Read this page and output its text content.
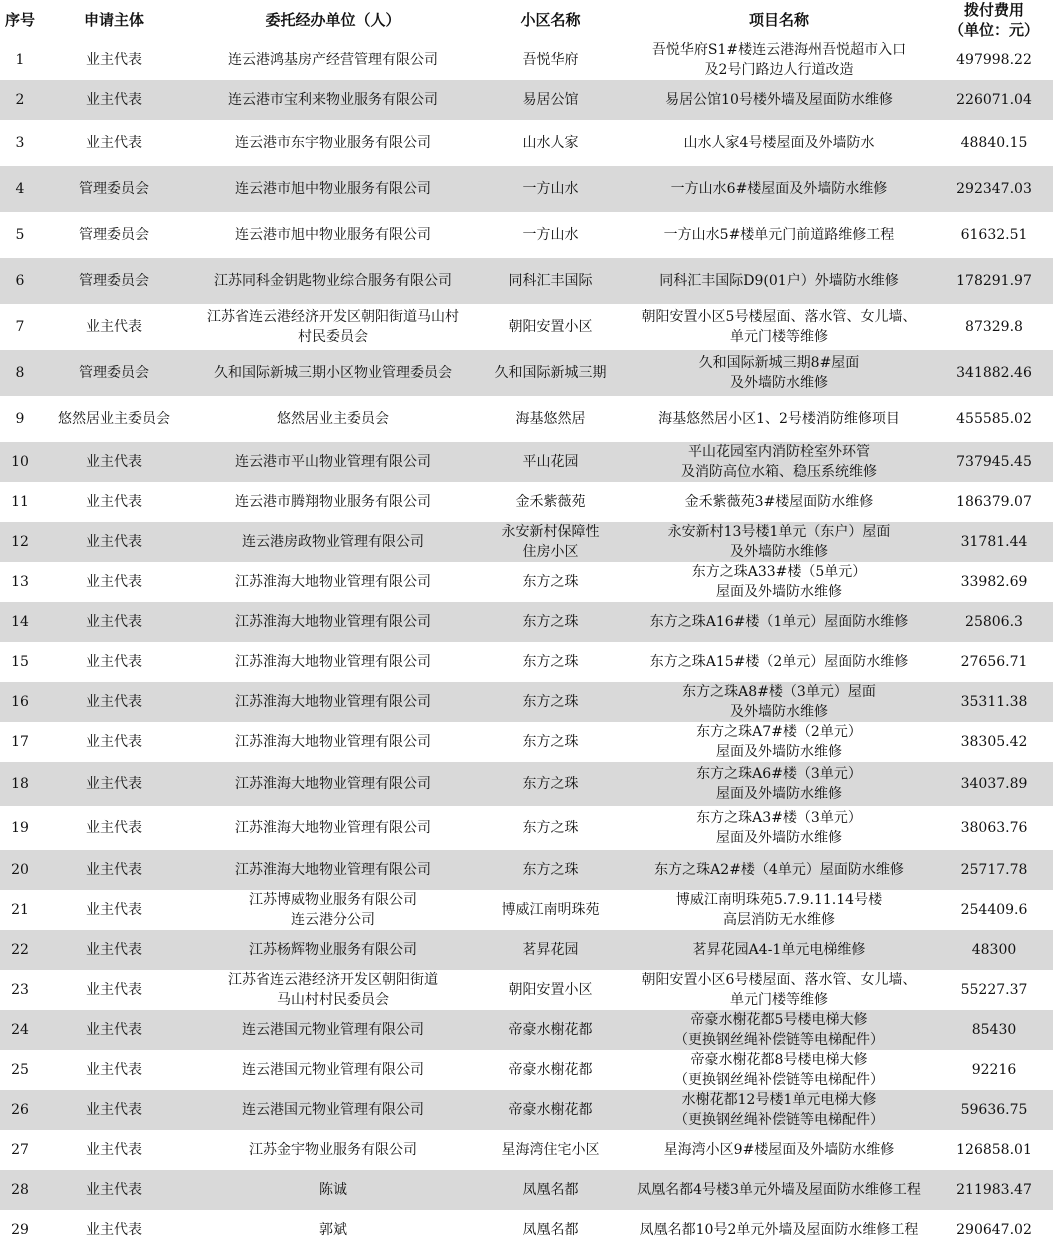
序号	申请主体	委托经办单位（人）	小区名称	项目名称	拨付费用
（单位：元）
1	业主代表	连云港鸿基房产经营管理有限公司	吾悦华府	吾悦华府S1#楼连云港海州吾悦超市入口
及2号门路边人行道改造	497998.22
2	业主代表	连云港市宝利来物业服务有限公司	易居公馆	易居公馆10号楼外墙及屋面防水维修	226071.04
3	业主代表	连云港市东宇物业服务有限公司	山水人家	山水人家4号楼屋面及外墙防水	48840.15
4	管理委员会	连云港市旭中物业服务有限公司	一方山水	一方山水6#楼屋面及外墙防水维修	292347.03
5	管理委员会	连云港市旭中物业服务有限公司	一方山水	一方山水5#楼单元门前道路维修工程	61632.51
6	管理委员会	江苏同科金钥匙物业综合服务有限公司	同科汇丰国际	同科汇丰国际D9(01户）外墙防水维修	178291.97
7	业主代表	江苏省连云港经济开发区朝阳街道马山村
村民委员会	朝阳安置小区	朝阳安置小区5号楼屋面、落水管、女儿墙、
单元门楼等维修	87329.8
8	管理委员会	久和国际新城三期小区物业管理委员会	久和国际新城三期	久和国际新城三期8#屋面
及外墙防水维修	341882.46
9	悠然居业主委员会	悠然居业主委员会	海基悠然居	海基悠然居小区1、2号楼消防维修项目	455585.02
10	业主代表	连云港市平山物业管理有限公司	平山花园	平山花园室内消防栓室外环管
及消防高位水箱、稳压系统维修	737945.45
11	业主代表	连云港市腾翔物业服务有限公司	金禾紫薇苑	金禾紫薇苑3#楼屋面防水维修	186379.07
12	业主代表	连云港房政物业管理有限公司	永安新村保障性
住房小区	永安新村13号楼1单元（东户）屋面
及外墙防水维修	31781.44
13	业主代表	江苏淮海大地物业管理有限公司	东方之珠	东方之珠A33#楼（5单元）
屋面及外墙防水维修	33982.69
14	业主代表	江苏淮海大地物业管理有限公司	东方之珠	东方之珠A16#楼（1单元）屋面防水维修	25806.3
15	业主代表	江苏淮海大地物业管理有限公司	东方之珠	东方之珠A15#楼（2单元）屋面防水维修	27656.71
16	业主代表	江苏淮海大地物业管理有限公司	东方之珠	东方之珠A8#楼（3单元）屋面
及外墙防水维修	35311.38
17	业主代表	江苏淮海大地物业管理有限公司	东方之珠	东方之珠A7#楼（2单元）
屋面及外墙防水维修	38305.42
18	业主代表	江苏淮海大地物业管理有限公司	东方之珠	东方之珠A6#楼（3单元）
屋面及外墙防水维修	34037.89
19	业主代表	江苏淮海大地物业管理有限公司	东方之珠	东方之珠A3#楼（3单元）
屋面及外墙防水维修	38063.76
20	业主代表	江苏淮海大地物业管理有限公司	东方之珠	东方之珠A2#楼（4单元）屋面防水维修	25717.78
21	业主代表	江苏博威物业服务有限公司
连云港分公司	博威江南明珠苑	博威江南明珠苑5.7.9.11.14号楼
高层消防无水维修	254409.6
22	业主代表	江苏杨辉物业服务有限公司	茗昇花园	茗昇花园A4-1单元电梯维修	48300
23	业主代表	江苏省连云港经济开发区朝阳街道
马山村村民委员会	朝阳安置小区	朝阳安置小区6号楼屋面、落水管、女儿墙、
单元门楼等维修	55227.37
24	业主代表	连云港国元物业管理有限公司	帝豪水榭花都	帝豪水榭花都5号楼电梯大修
（更换钢丝绳补偿链等电梯配件）	85430
25	业主代表	连云港国元物业管理有限公司	帝豪水榭花都	帝豪水榭花都8号楼电梯大修
（更换钢丝绳补偿链等电梯配件）	92216
26	业主代表	连云港国元物业管理有限公司	帝豪水榭花都	水榭花都12号楼1单元电梯大修
（更换钢丝绳补偿链等电梯配件）	59636.75
27	业主代表	江苏金宇物业服务有限公司	星海湾住宅小区	星海湾小区9#楼屋面及外墙防水维修	126858.01
28	业主代表	陈诚	凤凰名都	凤凰名都4号楼3单元外墙及屋面防水维修工程	211983.47
29	业主代表	郭斌	凤凰名都	凤凰名都10号2单元外墙及屋面防水维修工程	290647.02
